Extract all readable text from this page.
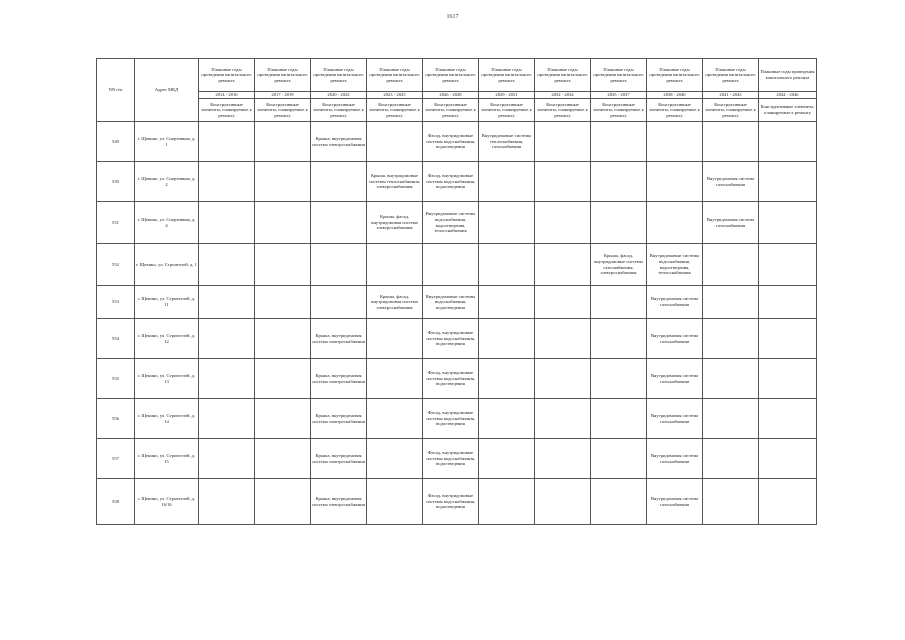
1617
NN п/п	Адрес МКД	Плановые годы проведения капитального ремонта	Плановые годы проведения капитального ремонта	Плановые годы проведения капитального ремонта	Плановые годы проведения капитального ремонта	Плановые годы проведения капитального ремонта	Плановые годы проведения капитального ремонта	Плановые годы проведения капитального ремонта	Плановые годы проведения капитального ремонта	Плановые годы проведения капитального ремонта	Плановые годы проведения капитального ремонта	Плановые годы проведения капитального ремонта
		2014 - 2016	2017 - 2019	2020 - 2022	2023 - 2025	2026 - 2028	2029 - 2031	2032 - 2034	2035 - 2037	2038 - 2040	2041 - 2043	2044 - 2046
		Конструктивные элементы, планируемые к ремонту	Конструктивные элементы, планируемые к ремонту	Конструктивные элементы, планируемые к ремонту	Конструктивные элементы, планируемые к ремонту	Конструктивные элементы, планируемые к ремонту	Конструктивные элементы, планируемые к ремонту	Конструктивные элементы, планируемые к ремонту	Конструктивные элементы, планируемые к ремонту	Конструктивные элементы, планируемые к ремонту	Конструктивные элементы, планируемые к ремонту	Конструктивные элементы, планируемые к ремонту
549	г. Щекино, ул. Спортивная, д. 1			Крыша, внутридомовая система электроснабжения		Фасад, внутридомовые системы водоснабжения, водоотведения	Внутридомовые системы теплоснабжения, газоснабжения					
550	г. Щекино, ул. Спортивная, д. 2				Крыша, внутридомовые системы теплоснабжения, электроснабжения	Фасад, внутридомовые системы водоснабжения, водоотведения					Внутридомовая система газоснабжения	
551	г. Щекино, ул. Спортивная, д. 4				Крыша, фасад, внутридомовая система электроснабжения	Внутридомовые системы водоснабжения, водоотведения, теплоснабжения					Внутридомовая система газоснабжения	
552	г. Щекино, ул. Строителей, д. 1								Крыша, фасад, внутридомовые системы газоснабжения, электроснабжения	Внутридомовые системы водоснабжения, водоотведения, теплоснабжения		
553	г. Щекино, ул. Строителей, д. 11				Крыша, фасад, внутридомовая система электроснабжения	Внутридомовые системы водоснабжения, водоотведения				Внутридомовая система газоснабжения		
554	г. Щекино, ул. Строителей, д. 12			Крыша, внутридомовая система электроснабжения		Фасад, внутридомовые системы водоснабжения, водоотведения				Внутридомовая система газоснабжения		
555	г. Щекино, ул. Строителей, д. 13			Крыша, внутридомовая система электроснабжения		Фасад, внутридомовые системы водоснабжения, водоотведения				Внутридомовая система газоснабжения		
556	г. Щекино, ул. Строителей, д. 14			Крыша, внутридомовая система электроснабжения		Фасад, внутридомовые системы водоснабжения, водоотведения				Внутридомовая система газоснабжения		
557	г. Щекино, ул. Строителей, д. 15			Крыша, внутридомовая система электроснабжения		Фасад, внутридомовые системы водоснабжения, водоотведения				Внутридомовая система газоснабжения		
558	г. Щекино, ул. Строителей, д. 16/16			Крыша, внутридомовая система электроснабжения		Фасад, внутридомовые системы водоснабжения, водоотведения				Внутридомовая система газоснабжения		
